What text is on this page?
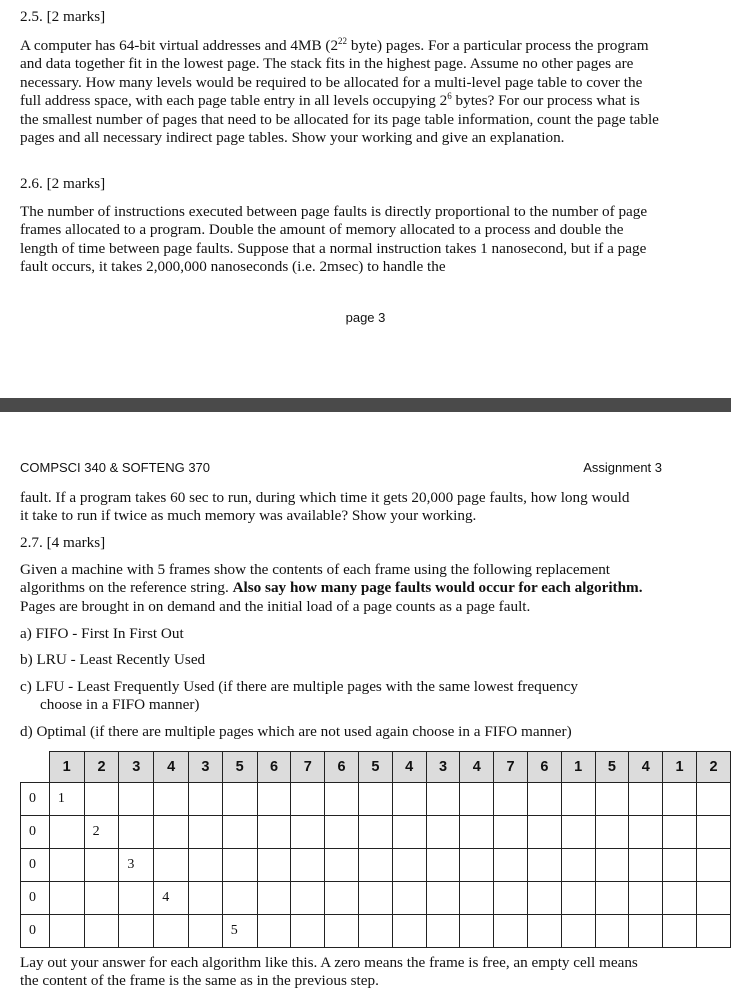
2.5. [2 marks]

A computer has 64-bit virtual addresses and 4MB ($2^{22}$ byte) pages. For a particular process the program and data together fit in the lowest page. The stack fits in the highest page. Assume no other pages are necessary. How many levels would be required to be allocated for a multi-level page table to cover the full address space, with each page table entry in all levels occupying $2^6$ bytes? For our process what is the smallest number of pages that need to be allocated for its page table information, count the page table pages and all necessary indirect page tables. Show your working and give an explanation.

2.6. [2 marks]

The number of instructions executed between page faults is directly proportional to the number of page frames allocated to a program. Double the amount of memory allocated to a process and double the length of time between page faults. Suppose that a normal instruction takes 1 nanosecond, but if a page fault occurs, it takes 2,000,000 nanoseconds (i.e. 2msec) to handle the

page 3
COMPSCI 340 & SOFTENG 370	Assignment 3

fault. If a program takes 60 sec to run, during which time it gets 20,000 page faults, how long would it take to run if twice as much memory was available? Show your working.

2.7. [4 marks]

Given a machine with 5 frames show the contents of each frame using the following replacement algorithms on the reference string. Also say how many page faults would occur for each algorithm. Pages are brought in on demand and the initial load of a page counts as a page fault.

a) FIFO - First In First Out

b) LRU - Least Recently Used

c) LFU - Least Frequently Used (if there are multiple pages with the same lowest frequency

choose in a FIFO manner)

d) Optimal (if there are multiple pages which are not used again choose in a FIFO manner)

	1	2	3	4	3	5	6	7	6	5	4	3	4	7	6	1	5	4	1	2
0	1																			
0		2																		
0			3																	
0				4																
0						5														

Lay out your answer for each algorithm like this. A zero means the frame is free, an empty cell means the content of the frame is the same as in the previous step.
